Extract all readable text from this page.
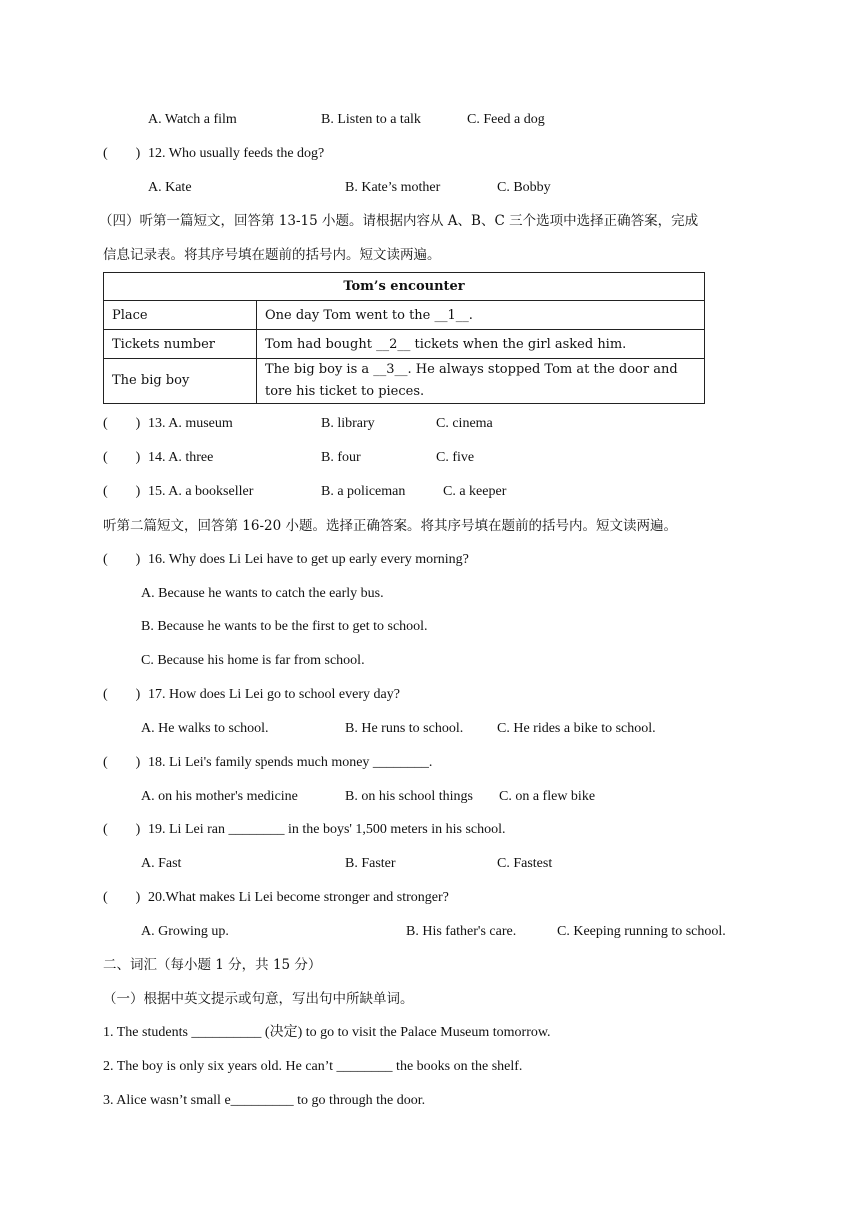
A. Watch a film	B. Listen to a talk	C. Feed a dog
(        ) 12. Who usually feeds the dog?
A. Kate	B. Kate’s mother	C. Bobby
（四）听第一篇短文，回答第 13-15 小题。请根据内容从 A、B、C 三个选项中选择正确答案，完成
信息记录表。将其序号填在题前的括号内。短文读两遍。
Tom’s encounter	
Place	One day Tom went to the __1__.
Tickets number	Tom had bought __2__ tickets when the girl asked him.
The big boy	The big boy is a __3__. He always stopped Tom at the door and tore his ticket to pieces.
(        ) 13. A. museum	B. library	C. cinema
(        ) 14. A. three	B. four	C. five
(        ) 15. A. a bookseller	B. a policeman	C. a keeper
听第二篇短文，回答第 16-20 小题。选择正确答案。将其序号填在题前的括号内。短文读两遍。
(        ) 16. Why does Li Lei have to get up early every morning?
A. Because he wants to catch the early bus.
B. Because he wants to be the first to get to school.
C. Because his home is far from school.
(        ) 17. How does Li Lei go to school every day?
A. He walks to school.	B. He runs to school. C. He rides a bike to school.
(        ) 18. Li Lei's family spends much money ________.
A. on his mother's medicine	B. on his school things C. on a flew bike
(        ) 19. Li Lei ran ________ in the boys' 1,500 meters in his school.
A. Fast	B. Faster	C. Fastest
(        ) 20.What makes Li Lei become stronger and stronger?
A. Growing up.	B. His father's care.	C. Keeping running to school.
二、词汇（每小题 1 分，共 15 分）
（一）根据中英文提示或句意，写出句中所缺单词。
1. The students __________ (决定) to go to visit the Palace Museum tomorrow.
2. The boy is only six years old. He can’t ________ the books on the shelf.
3. Alice wasn’t small e_________ to go through the door.
